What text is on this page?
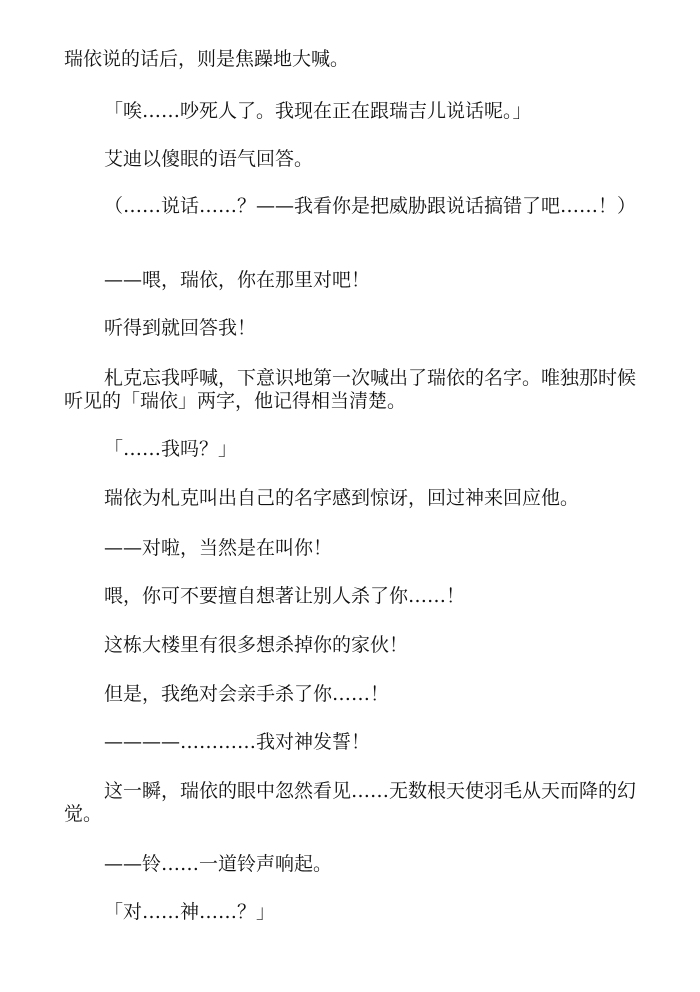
瑞依说的话后，则是焦躁地大喊。

「唉……吵死人了。我现在正在跟瑞吉儿说话呢。」

艾迪以傻眼的语气回答。

（……说话……？——我看你是把威胁跟说话搞错了吧……！）

——喂，瑞依，你在那里对吧！

听得到就回答我！

札克忘我呼喊，下意识地第一次喊出了瑞依的名字。唯独那时候听见的「瑞依」两字，他记得相当清楚。

「……我吗？」

瑞依为札克叫出自己的名字感到惊讶，回过神来回应他。

——对啦，当然是在叫你！

喂，你可不要擅自想著让别人杀了你……！

这栋大楼里有很多想杀掉你的家伙！

但是，我绝对会亲手杀了你……！

————…………我对神发誓！

这一瞬，瑞依的眼中忽然看见……无数根天使羽毛从天而降的幻觉。

——铃……一道铃声响起。

「对……神……？」
